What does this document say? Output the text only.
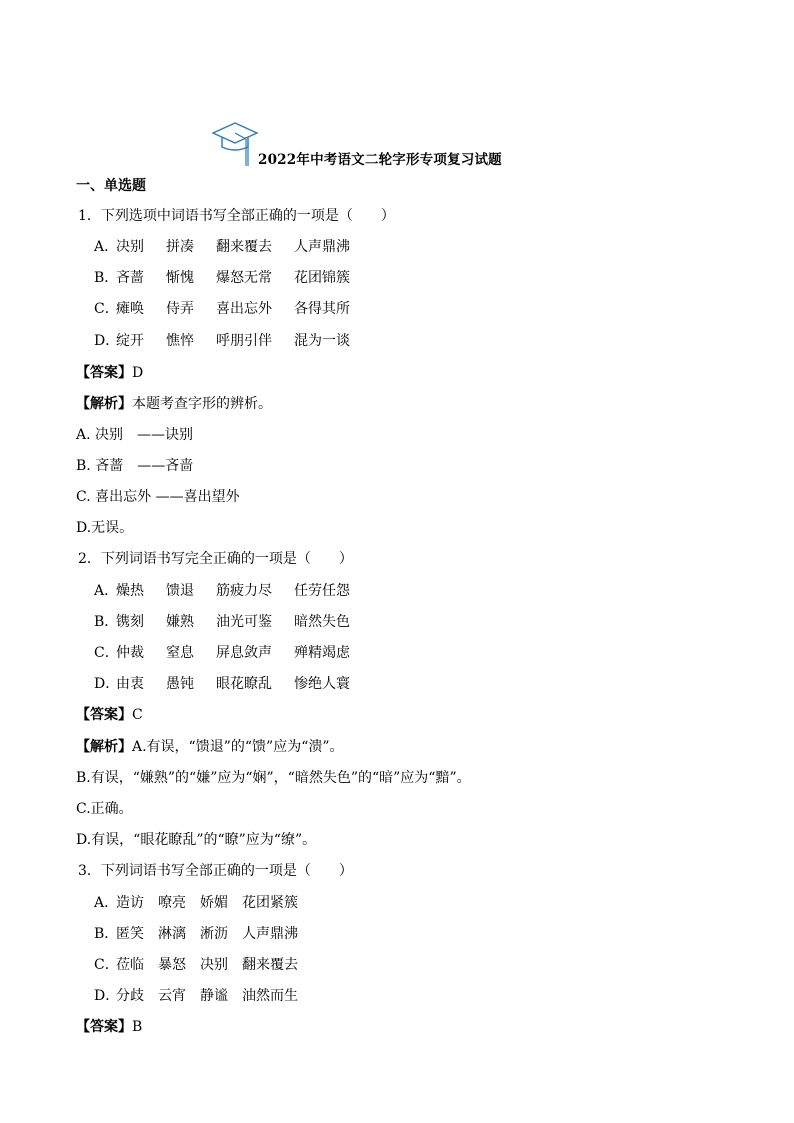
2022年中考语文二轮字形专项复习试题
一、单选题
1．下列选项中词语书写全部正确的一项是（　　）
A．决别 拼凑 翻来覆去 人声鼎沸
B．吝蔷 惭愧 爆怒无常 花团锦簇
C．瘫唤 侍弄 喜出忘外 各得其所
D．绽开 憔悴 呼朋引伴 混为一谈
【答案】D
【解析】本题考查字形的辨析。
A. 决别　——诀别
B. 吝蔷　——吝啬
C. 喜出忘外 ——喜出望外
D.无误。
2．下列词语书写完全正确的一项是（　　）
A．燥热 馈退 筋疲力尽 任劳任怨
B．镌刻 嫌熟 油光可鉴 暗然失色
C．仲裁 窒息 屏息敛声 殚精竭虑
D．由衷 愚钝 眼花瞭乱 惨绝人寰
【答案】C
【解析】A.有误，“馈退”的“馈”应为“溃”。
B.有误，“嫌熟”的“嫌”应为“娴”，“暗然失色”的“暗”应为“黯”。
C.正确。
D.有误，“眼花瞭乱”的“瞭”应为“缭”。
3．下列词语书写全部正确的一项是（　　）
A．造访 嘹亮 娇媚 花团紧簇
B．匿笑 淋漓 淅沥 人声鼎沸
C．莅临 暴怒 决别 翻来覆去
D．分歧 云宵 静谧 油然而生
【答案】B
